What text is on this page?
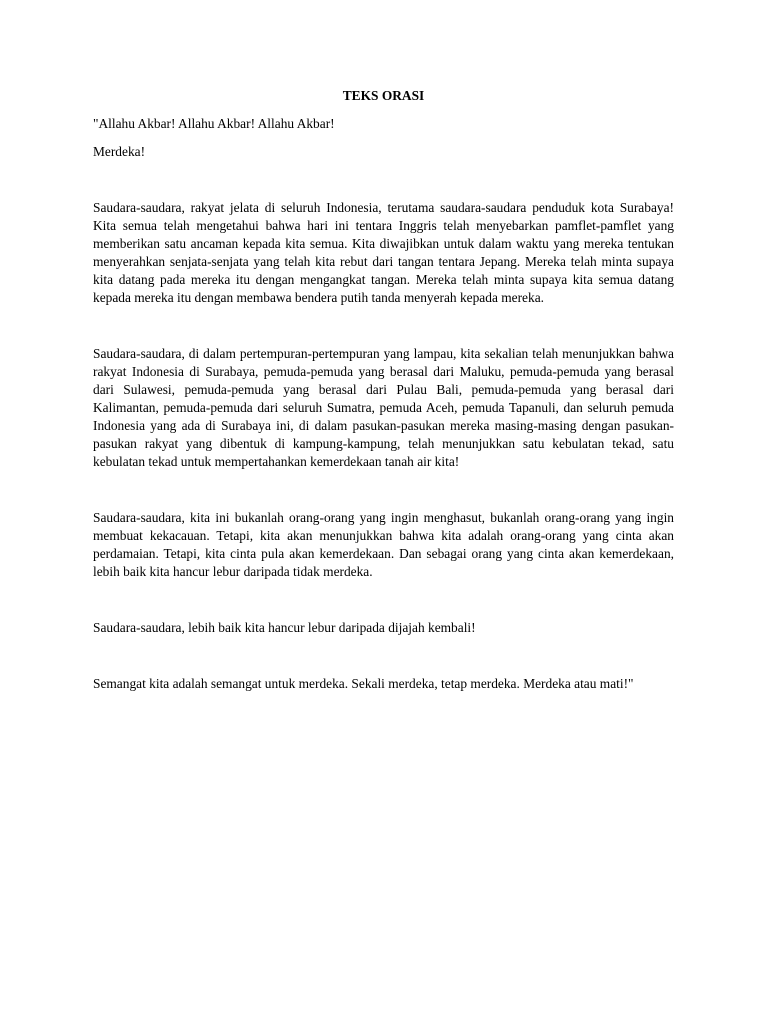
TEKS ORASI
"Allahu Akbar! Allahu Akbar! Allahu Akbar!
Merdeka!

Saudara-saudara, rakyat jelata di seluruh Indonesia, terutama saudara-saudara penduduk kota Surabaya! Kita semua telah mengetahui bahwa hari ini tentara Inggris telah menyebarkan pamflet-pamflet yang memberikan satu ancaman kepada kita semua. Kita diwajibkan untuk dalam waktu yang mereka tentukan menyerahkan senjata-senjata yang telah kita rebut dari tangan tentara Jepang. Mereka telah minta supaya kita datang pada mereka itu dengan mengangkat tangan. Mereka telah minta supaya kita semua datang kepada mereka itu dengan membawa bendera putih tanda menyerah kepada mereka.

Saudara-saudara, di dalam pertempuran-pertempuran yang lampau, kita sekalian telah menunjukkan bahwa rakyat Indonesia di Surabaya, pemuda-pemuda yang berasal dari Maluku, pemuda-pemuda yang berasal dari Sulawesi, pemuda-pemuda yang berasal dari Pulau Bali, pemuda-pemuda yang berasal dari Kalimantan, pemuda-pemuda dari seluruh Sumatra, pemuda Aceh, pemuda Tapanuli, dan seluruh pemuda Indonesia yang ada di Surabaya ini, di dalam pasukan-pasukan mereka masing-masing dengan pasukan-pasukan rakyat yang dibentuk di kampung-kampung, telah menunjukkan satu kebulatan tekad, satu kebulatan tekad untuk mempertahankan kemerdekaan tanah air kita!

Saudara-saudara, kita ini bukanlah orang-orang yang ingin menghasut, bukanlah orang-orang yang ingin membuat kekacauan. Tetapi, kita akan menunjukkan bahwa kita adalah orang-orang yang cinta akan perdamaian. Tetapi, kita cinta pula akan kemerdekaan. Dan sebagai orang yang cinta akan kemerdekaan, lebih baik kita hancur lebur daripada tidak merdeka.

Saudara-saudara, lebih baik kita hancur lebur daripada dijajah kembali!

Semangat kita adalah semangat untuk merdeka. Sekali merdeka, tetap merdeka. Merdeka atau mati!"
